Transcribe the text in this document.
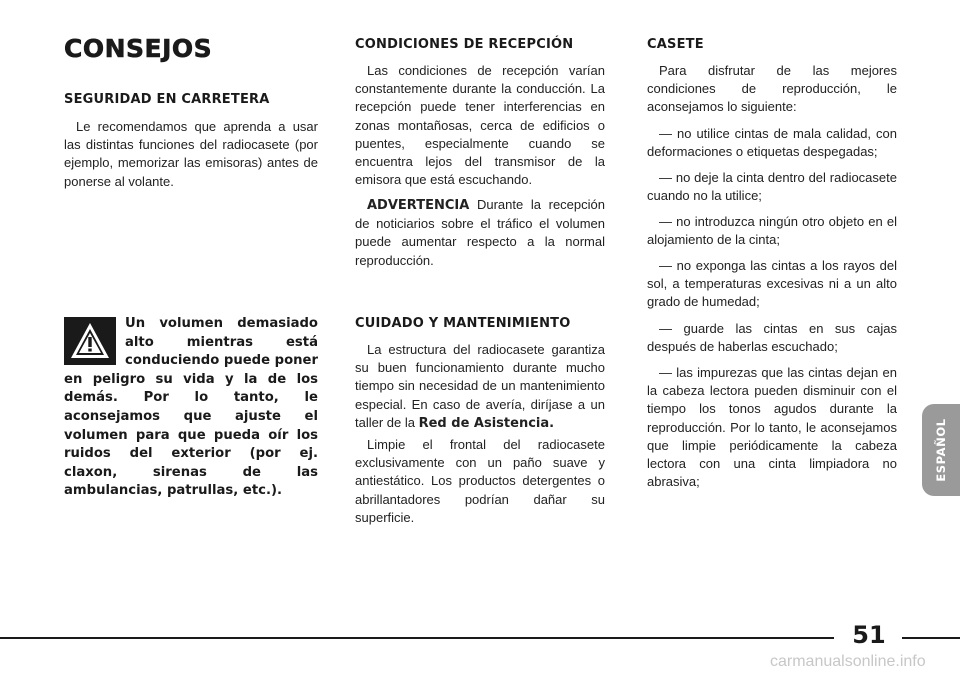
CONSEJOS
SEGURIDAD EN CARRETERA

Le recomendamos que aprenda a usar las distintas funciones del radiocasete (por ejemplo, memorizar las emisoras) antes de ponerse al volante.

Un volumen demasiado alto mientras está conduciendo puede poner en peligro su vida y la de los demás. Por lo tanto, le aconsejamos que ajuste el volumen para que pueda oír los ruidos del exterior (por ej. claxon, sirenas de las ambulancias, patrullas, etc.).
CONDICIONES DE RECEPCIÓN

Las condiciones de recepción varían constantemente durante la conducción. La recepción puede tener interferencias en zonas montañosas, cerca de edificios o puentes, especialmente cuando se encuentra lejos del transmisor de la emisora que está escuchando.

ADVERTENCIA Durante la recepción de noticiarios sobre el tráfico el volumen puede aumentar respecto a la normal reproducción.

CUIDADO Y MANTENIMIENTO

La estructura del radiocasete garantiza su buen funcionamiento durante mucho tiempo sin necesidad de un mantenimiento especial. En caso de avería, diríjase a un taller de la Red de Asistencia.

Limpie el frontal del radiocasete exclusivamente con un paño suave y antiestático. Los productos detergentes o abrillantadores podrían dañar su superficie.

CASETE

Para disfrutar de las mejores condiciones de reproducción, le aconsejamos lo siguiente:

— no utilice cintas de mala calidad, con deformaciones o etiquetas despegadas;

— no deje la cinta dentro del radiocasete cuando no la utilice;

— no introduzca ningún otro objeto en el alojamiento de la cinta;

— no exponga las cintas a los rayos del sol, a temperaturas excesivas ni a un alto grado de humedad;

— guarde las cintas en sus cajas después de haberlas escuchado;

— las impurezas que las cintas dejan en la cabeza lectora pueden disminuir con el tiempo los tonos agudos durante la reproducción. Por lo tanto, le aconsejamos que limpie periódicamente la cabeza lectora con una cinta limpiadora no abrasiva;

ESPAÑOL
51
carmanualsonline.info
